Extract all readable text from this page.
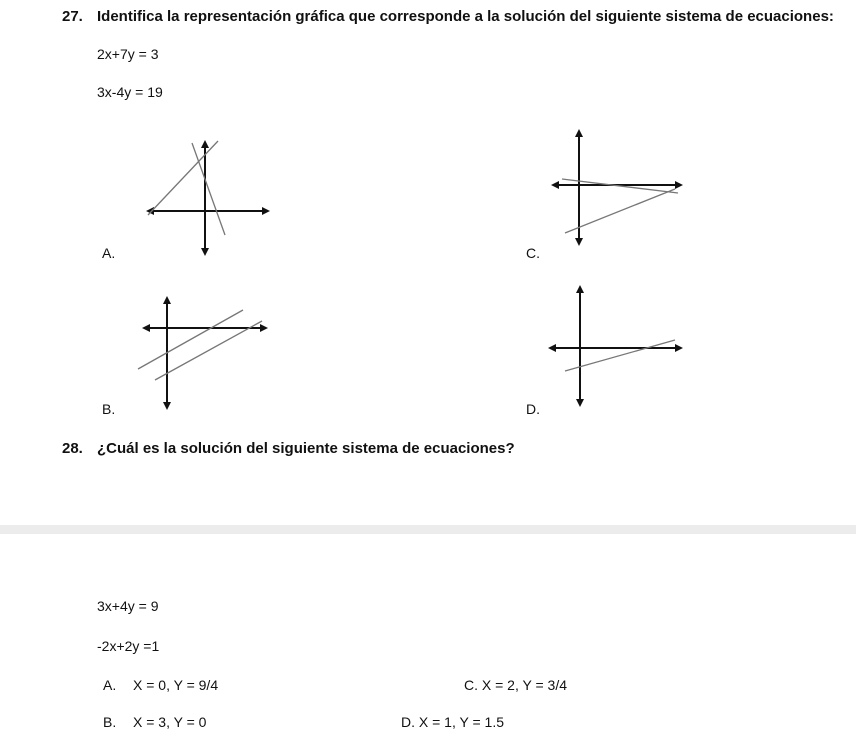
27. Identifica la representación gráfica que corresponde a la solución del siguiente sistema de ecuaciones:
2x+7y = 3
3x-4y = 19
A.	C.
B.	D.
28. ¿Cuál es la solución del siguiente sistema de ecuaciones?
3x+4y = 9
-2x+2y =1
A. X = 0, Y = 9/4	C. X = 2, Y = 3/4
B. X = 3, Y = 0	D. X = 1, Y = 1.5
